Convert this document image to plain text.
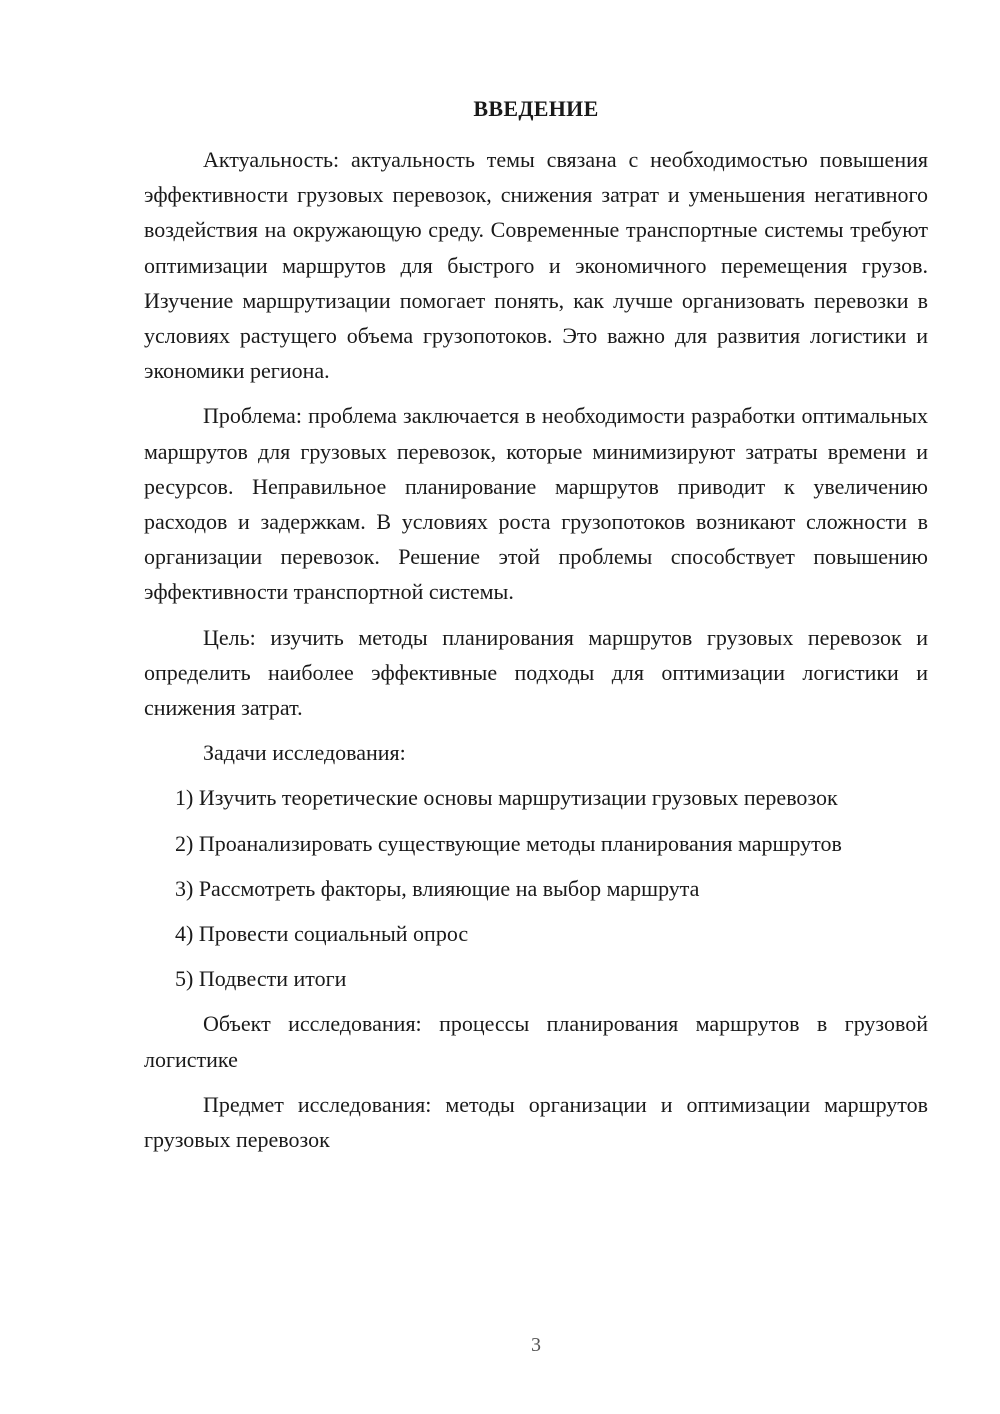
ВВЕДЕНИЕ

Актуальность: актуальность темы связана с необходимостью повышения эффективности грузовых перевозок, снижения затрат и уменьшения негативного воздействия на окружающую среду. Современные транспортные системы требуют оптимизации маршрутов для быстрого и экономичного перемещения грузов. Изучение маршрутизации помогает понять, как лучше организовать перевозки в условиях растущего объема грузопотоков. Это важно для развития логистики и экономики региона.

Проблема: проблема заключается в необходимости разработки оптимальных маршрутов для грузовых перевозок, которые минимизируют затраты времени и ресурсов. Неправильное планирование маршрутов приводит к увеличению расходов и задержкам. В условиях роста грузопотоков возникают сложности в организации перевозок. Решение этой проблемы способствует повышению эффективности транспортной системы.

Цель: изучить методы планирования маршрутов грузовых перевозок и определить наиболее эффективные подходы для оптимизации логистики и снижения затрат.

Задачи исследования:

1) Изучить теоретические основы маршрутизации грузовых перевозок

2) Проанализировать существующие методы планирования маршрутов

3) Рассмотреть факторы, влияющие на выбор маршрута

4) Провести социальный опрос

5) Подвести итоги

Объект исследования: процессы планирования маршрутов в грузовой логистике

Предмет исследования: методы организации и оптимизации маршрутов грузовых перевозок

3
